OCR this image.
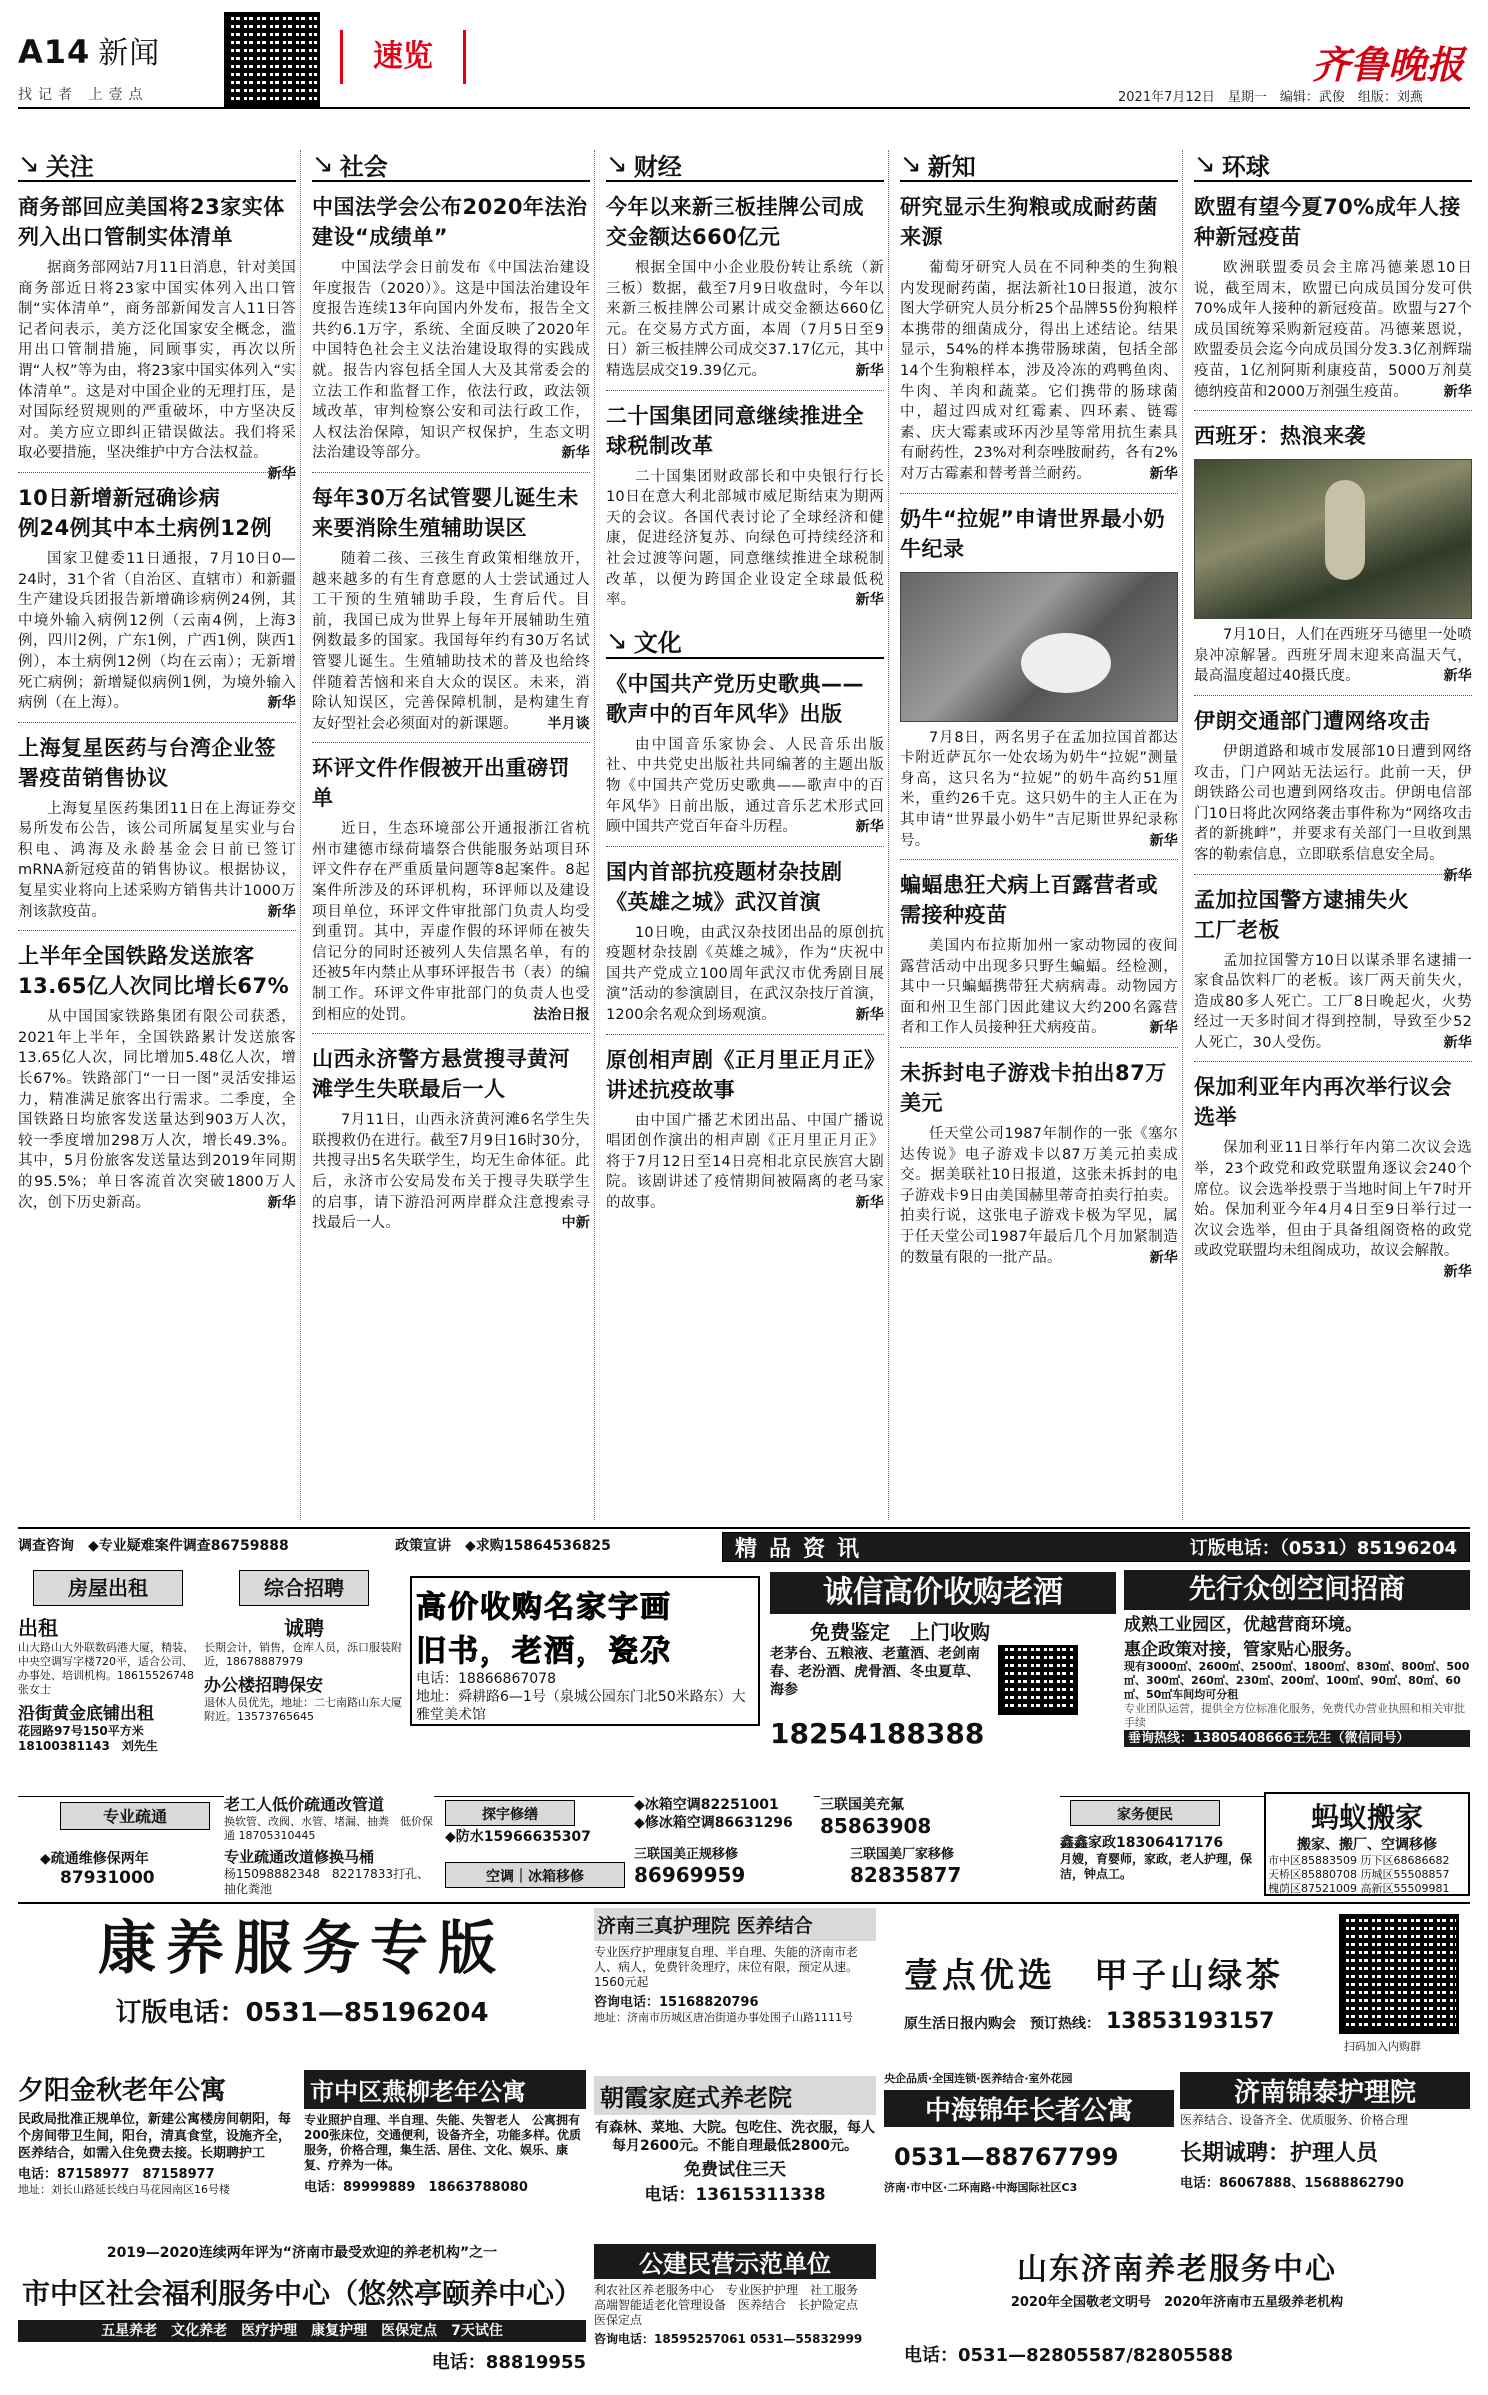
A14 新闻
找记者 上壹点
速览	齐鲁晚报
2021年7月12日　星期一　编辑：武俊　组版：刘燕
↘ 关注
商务部回应美国将23家实体列入出口管制实体清单
据商务部网站7月11日消息，针对美国商务部近日将23家中国实体列入出口管制“实体清单”，商务部新闻发言人11日答记者问表示，美方泛化国家安全概念，滥用出口管制措施，同顾事实，再次以所谓“人权”等为由，将23家中国实体列入“实体清单”。这是对中国企业的无理打压，是对国际经贸规则的严重破坏，中方坚决反对。美方应立即纠正错误做法。我们将采取必要措施，坚决维护中方合法权益。
新华
10日新增新冠确诊病例24例其中本土病例12例
国家卫健委11日通报，7月10日0—24时，31个省（自治区、直辖市）和新疆生产建设兵团报告新增确诊病例24例，其中境外输入病例12例（云南4例，上海3例，四川2例，广东1例，广西1例，陕西1例），本土病例12例（均在云南）；无新增死亡病例；新增疑似病例1例，为境外输入病例（在上海）。	新华
上海复星医药与台湾企业签署疫苗销售协议
上海复星医药集团11日在上海证券交易所发布公告，该公司所属复星实业与台积电、鸿海及永龄基金会日前已签订mRNA新冠疫苗的销售协议。根据协议，复星实业将向上述采购方销售共计1000万剂该款疫苗。	新华
上半年全国铁路发送旅客13.65亿人次同比增长67%
从中国国家铁路集团有限公司获悉，2021年上半年，全国铁路累计发送旅客13.65亿人次，同比增加5.48亿人次，增长67%。铁路部门“一日一图”灵活安排运力，精准满足旅客出行需求。二季度，全国铁路日均旅客发送量达到903万人次，较一季度增加298万人次，增长49.3%。其中，5月份旅客发送量达到2019年同期的95.5%；单日客流首次突破1800万人次，创下历史新高。	新华
↘ 社会
中国法学会公布2020年法治建设“成绩单”
中国法学会日前发布《中国法治建设年度报告（2020）》。这是中国法治建设年度报告连续13年向国内外发布，报告全文共约6.1万字，系统、全面反映了2020年中国特色社会主义法治建设取得的实践成就。报告内容包括全国人大及其常委会的立法工作和监督工作，依法行政，政法领域改革，审判检察公安和司法行政工作，人权法治保障，知识产权保护，生态文明法治建设等部分。	新华
每年30万名试管婴儿诞生未来要消除生殖辅助误区
随着二孩、三孩生育政策相继放开，越来越多的有生育意愿的人士尝试通过人工干预的生殖辅助手段，生育后代。目前，我国已成为世界上每年开展辅助生殖例数最多的国家。我国每年约有30万名试管婴儿诞生。生殖辅助技术的普及也给终伴随着苦恼和来自大众的误区。未来，消除认知误区，完善保障机制，是构建生育友好型社会必须面对的新课题。	半月谈
环评文件作假被开出重磅罚单
近日，生态环境部公开通报浙江省杭州市建德市绿荷墙祭合供能服务站项目环评文件存在严重质量问题等8起案件。8起案件所涉及的环评机构，环评师以及建设项目单位，环评文件审批部门负责人均受到重罚。其中，弄虚作假的环评师在被失信记分的同时还被列人失信黑名单，有的还被5年内禁止从事环评报告书（表）的编制工作。环评文件审批部门的负责人也受到相应的处罚。	法治日报
山西永济警方悬赏搜寻黄河滩学生失联最后一人
7月11日，山西永济黄河滩6名学生失联搜救仍在进行。截至7月9日16时30分，共搜寻出5名失联学生，均无生命体征。此后，永济市公安局发布关于搜寻失联学生的启事，请下游沿河两岸群众注意搜索寻找最后一人。	中新
↘ 财经
今年以来新三板挂牌公司成交金额达660亿元
根据全国中小企业股份转让系统（新三板）数据，截至7月9日收盘时，今年以来新三板挂牌公司累计成交金额达660亿元。在交易方式方面，本周（7月5日至9日）新三板挂牌公司成交37.17亿元，其中精选层成交19.39亿元。	新华
二十国集团同意继续推进全球税制改革
二十国集团财政部长和中央银行行长10日在意大利北部城市威尼斯结束为期两天的会议。各国代表讨论了全球经济和健康，促进经济复苏、向绿色可持续经济和社会过渡等问题，同意继续推进全球税制改革，以便为跨国企业设定全球最低税率。	新华
↘ 文化
《中国共产党历史歌典——歌声中的百年风华》出版
由中国音乐家协会、人民音乐出版社、中共党史出版社共同编著的主题出版物《中国共产党历史歌典——歌声中的百年风华》日前出版，通过音乐艺术形式回顾中国共产党百年奋斗历程。	新华
国内首部抗疫题材杂技剧《英雄之城》武汉首演
10日晚，由武汉杂技团出品的原创抗疫题材杂技剧《英雄之城》，作为“庆祝中国共产党成立100周年武汉市优秀剧目展演”活动的参演剧目，在武汉杂技厅首演，1200余名观众到场观演。	新华
原创相声剧《正月里正月正》讲述抗疫故事
由中国广播艺术团出品、中国广播说唱团创作演出的相声剧《正月里正月正》将于7月12日至14日亮相北京民族宫大剧院。该剧讲述了疫情期间被隔离的老马家的故事。	新华
↘ 新知
研究显示生狗粮或成耐药菌来源
葡萄牙研究人员在不同种类的生狗粮内发现耐药菌，据法新社10日报道，波尔图大学研究人员分析25个品牌55份狗粮样本携带的细菌成分，得出上述结论。结果显示，54%的样本携带肠球菌，包括全部14个生狗粮样本，涉及冷冻的鸡鸭鱼肉、牛肉、羊肉和蔬菜。它们携带的肠球菌中，超过四成对红霉素、四环素、链霉素、庆大霉素或环丙沙星等常用抗生素具有耐药性，23%对利奈唑胺耐药，各有2%对万古霉素和替考普兰耐药。	新华
奶牛“拉妮”申请世界最小奶牛纪录
7月8日，两名男子在孟加拉国首都达卡附近萨瓦尔一处农场为奶牛“拉妮”测量身高，这只名为“拉妮”的奶牛高约51厘米，重约26千克。这只奶牛的主人正在为其申请“世界最小奶牛”吉尼斯世界纪录称号。	新华
蝙蝠患狂犬病上百露营者或需接种疫苗
美国内布拉斯加州一家动物园的夜间露营活动中出现多只野生蝙蝠。经检测，其中一只蝙蝠携带狂犬病病毒。动物园方面和州卫生部门因此建议大约200名露营者和工作人员接种狂犬病疫苗。	新华
未拆封电子游戏卡拍出87万美元
任天堂公司1987年制作的一张《塞尔达传说》电子游戏卡以87万美元拍卖成交。据美联社10日报道，这张未拆封的电子游戏卡9日由美国赫里蒂奇拍卖行拍卖。拍卖行说，这张电子游戏卡极为罕见，属于任天堂公司1987年最后几个月加紧制造的数量有限的一批产品。	新华
↘ 环球
欧盟有望今夏70%成年人接种新冠疫苗
欧洲联盟委员会主席冯德莱恩10日说，截至周末，欧盟已向成员国分发可供70%成年人接种的新冠疫苗。欧盟与27个成员国统筹采购新冠疫苗。冯德莱恩说，欧盟委员会迄今向成员国分发3.3亿剂辉瑞疫苗，1亿剂阿斯利康疫苗，5000万剂莫德纳疫苗和2000万剂强生疫苗。	新华
西班牙：热浪来袭
7月10日，人们在西班牙马德里一处喷泉冲凉解暑。西班牙周末迎来高温天气，最高温度超过40摄氏度。	新华
伊朗交通部门遭网络攻击
伊朗道路和城市发展部10日遭到网络攻击，门户网站无法运行。此前一天，伊朗铁路公司也遭到网络攻击。伊朗电信部门10日将此次网络袭击事件称为“网络攻击者的新挑衅”，并要求有关部门一旦收到黑客的勒索信息，立即联系信息安全局。
新华
孟加拉国警方逮捕失火工厂老板
孟加拉国警方10日以谋杀罪名逮捕一家食品饮料厂的老板。该厂两天前失火，造成80多人死亡。工厂8日晚起火，火势经过一天多时间才得到控制，导致至少52人死亡，30人受伤。	新华
保加利亚年内再次举行议会选举
保加利亚11日举行年内第二次议会选举，23个政党和政党联盟角逐议会240个席位。议会选举投票于当地时间上午7时开始。保加利亚今年4月4日至9日举行过一次议会选举，但由于具备组阁资格的政党或政党联盟均未组阁成功，故议会解散。
新华
调查咨询　◆专业疑难案件调查86759888	政策宣讲　◆求购15864536825	精品资讯	订版电话：（0531）85196204
房屋出租
出租
山大路山大外联数码港大厦，精装、中央空调写字楼720平，适合公司、办事处、培训机构。18615526748张女士
沿街黄金底铺出租
花园路97号150平方米　18100381143　刘先生
综合招聘
诚聘
长期会计，销售，仓库人员，泺口服装附近，18678887979
办公楼招聘保安
退休人员优先，地址：二七南路山东大厦附近。13573765645
高价收购名家字画
旧书，老酒，瓷尕
电话：18866867078
地址：舜耕路6—1号（泉城公园东门北50米路东）大雅堂美术馆
诚信高价收购老酒
免费鉴定　上门收购
老茅台、五粮液、老董酒、老剑南春、老汾酒、虎骨酒、冬虫夏草、海参
18254188388
先行众创空间招商
成熟工业园区，优越营商环境。
惠企政策对接，管家贴心服务。
现有3000㎡、2600㎡、2500㎡、1800㎡、830㎡、800㎡、500㎡、300㎡、260㎡、230㎡、200㎡、100㎡、90㎡、80㎡、60㎡、50㎡车间均可分租
专业团队运营，提供全方位标准化服务，免费代办营业执照和相关审批手续
垂询热线：13805408666王先生（微信同号）
专业疏通
◆疏通维修保两年
87931000
老工人低价疏通改管道
换软管、改阀、水管、堵漏、抽粪　低价保通 18705310445
专业疏通改道修换马桶
杨15098882348　82217833打孔、抽化粪池
探宇修缮
◆防水15966635307
空调｜冰箱移修
◆冰箱空调82251001
◆修冰箱空调86631296
三联国美充氟
85863908
三联国美正规移修
86969959
三联国美厂家移修
82835877
家务便民
鑫鑫家政18306417176
月嫂，育婴师，家政，老人护理，保洁，钟点工。
蚂蚁搬家
搬家、搬厂、空调移修
市中区85883509 历下区68686682　天桥区85880708 历城区55508857　槐荫区87521009 高新区55509981
康养服务专版
订版电话：0531—85196204
济南三真护理院 医养结合
专业医疗护理康复自理、半自理、失能的济南市老人、病人，免费针灸理疗，床位有限，预定从速。1560元起
咨询电话：15168820796
地址：济南市历城区唐冶街道办事处围子山路1111号
壹点优选　甲子山绿茶
原生活日报内购会　预订热线： 13853193157
扫码加入内购群
夕阳金秋老年公寓
民政局批准正规单位，新建公寓楼房间朝阳，每个房间带卫生间，阳台，清真食堂，设施齐全，医养结合，如需入住免费去接。长期聘护工
电话：87158977　87158977
地址：刘长山路延长线白马花园南区16号楼
市中区燕柳老年公寓
专业照护自理、半自理、失能、失智老人　公寓拥有200张床位，交通便利，设备齐全，功能多样。优质服务，价格合理，集生活、居住、文化、娱乐、康复、疗养为一体。
电话：89999889　18663788080
朝霞家庭式养老院
有森林、菜地、大院。包吃住、洗衣服，每人每月2600元。不能自理最低2800元。
免费试住三天
电话：13615311338
央企品质·全国连锁·医养结合·室外花园
中海锦年长者公寓
0531—88767799
济南·市中区·二环南路·中海国际社区C3
济南锦泰护理院
医养结合、设备齐全、优质服务、价格合理
长期诚聘：护理人员
电话：86067888、15688862790
2019—2020连续两年评为“济南市最受欢迎的养老机构”之一
市中区社会福利服务中心（悠然亭颐养中心）
五星养老　文化养老　医疗护理　康复护理　医保定点　7天试住
电话：88819955
公建民营示范单位
利农社区养老服务中心　专业医护护理　社工服务　高端智能适老化管理设备　医养结合　长护险定点　医保定点
咨询电话：18595257061 0531—55832999
山东济南养老服务中心
2020年全国敬老文明号　2020年济南市五星级养老机构
电话：0531—82805587/82805588
